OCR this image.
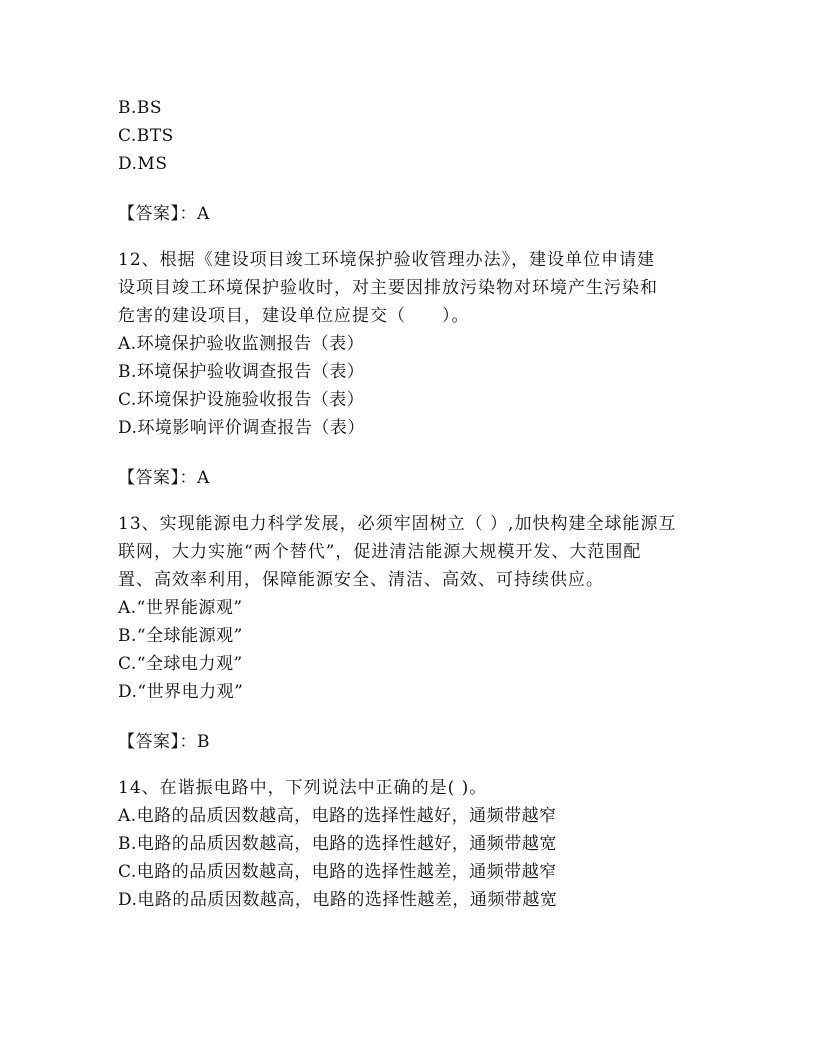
B.BS
C.BTS
D.MS
【答案】：A
12、根据《建设项目竣工环境保护验收管理办法》，建设单位申请建
设项目竣工环境保护验收时，对主要因排放污染物对环境产生污染和
危害的建设项目，建设单位应提交（　　）。
A.环境保护验收监测报告（表）
B.环境保护验收调查报告（表）
C.环境保护设施验收报告（表）
D.环境影响评价调查报告（表）
【答案】：A
13、实现能源电力科学发展，必须牢固树立（ ）,加快构建全球能源互
联网，大力实施“两个替代”，促进清洁能源大规模开发、大范围配
置、高效率利用，保障能源安全、清洁、高效、可持续供应。
A.“世界能源观”
B.“全球能源观”
C.“全球电力观”
D.“世界电力观”
【答案】：B
14、在谐振电路中，下列说法中正确的是( )。
A.电路的品质因数越高，电路的选择性越好，通频带越窄
B.电路的品质因数越高，电路的选择性越好，通频带越宽
C.电路的品质因数越高，电路的选择性越差，通频带越窄
D.电路的品质因数越高，电路的选择性越差，通频带越宽
